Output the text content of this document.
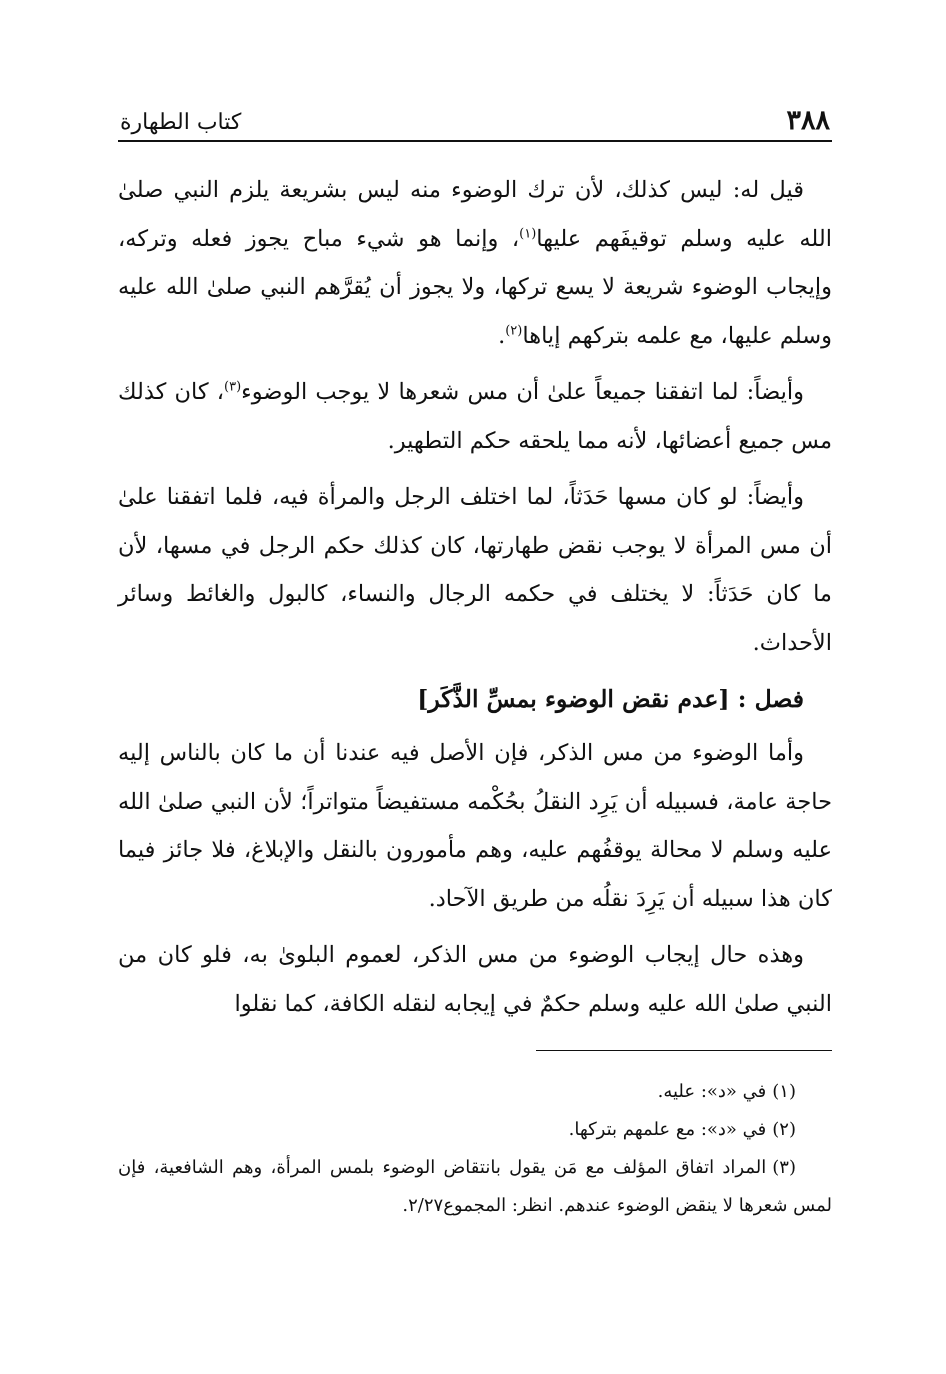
٣٨٨
كتاب الطهارة

قيل له: ليس كذلك، لأن ترك الوضوء منه ليس بشريعة يلزم النبي صلىٰ الله عليه وسلم توقيفَهم عليها$^{(١)}$، وإنما هو شيء مباح يجوز فعله وتركه، وإيجاب الوضوء شريعة لا يسع تركها، ولا يجوز أن يُقرَّهم النبي صلىٰ الله عليه وسلم عليها، مع علمه بتركهم إياها$^{(٢)}$.

وأيضاً: لما اتفقنا جميعاً علىٰ أن مس شعرها لا يوجب الوضوء$^{(٣)}$، كان كذلك مس جميع أعضائها، لأنه مما يلحقه حكم التطهير.

وأيضاً: لو كان مسها حَدَثاً، لما اختلف الرجل والمرأة فيه، فلما اتفقنا علىٰ أن مس المرأة لا يوجب نقض طهارتها، كان كذلك حكم الرجل في مسها، لأن ما كان حَدَثاً: لا يختلف في حكمه الرجال والنساء، كالبول والغائط وسائر الأحداث.

فصل : [عدم نقض الوضوء بمسِّ الذَّكَر]

وأما الوضوء من مس الذكر، فإن الأصل فيه عندنا أن ما كان بالناس إليه حاجة عامة، فسبيله أن يَرِد النقلُ بحُكْمه مستفيضاً متواتراً؛ لأن النبي صلىٰ الله عليه وسلم لا محالة يوقفُهم عليه، وهم مأمورون بالنقل والإبلاغ، فلا جائز فيما كان هذا سبيله أن يَرِدَ نقلُه من طريق الآحاد.

وهذه حال إيجاب الوضوء من مس الذكر، لعموم البلوىٰ به، فلو كان من النبي صلىٰ الله عليه وسلم حكمٌ في إيجابه لنقله الكافة، كما نقلوا

(١)في «د»: عليه.

(٢)في «د»: مع علمهم بتركها.

(٣)المراد اتفاق المؤلف مع مَن يقول بانتقاض الوضوء بلمس المرأة، وهم الشافعية، فإن لمس شعرها لا ينقض الوضوء عندهم. انظر: المجموع٢/٢٧.
